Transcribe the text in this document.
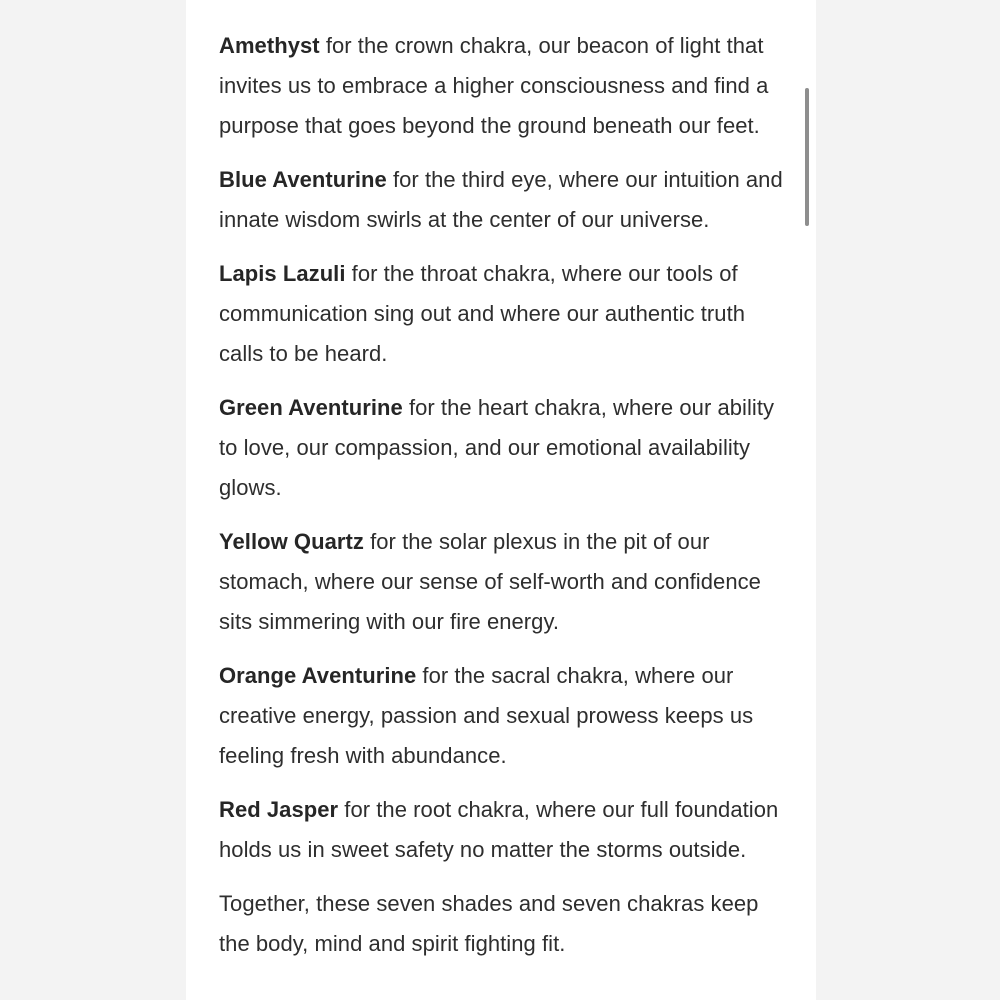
Amethyst for the crown chakra, our beacon of light that invites us to embrace a higher consciousness and find a purpose that goes beyond the ground beneath our feet.

Blue Aventurine for the third eye, where our intuition and innate wisdom swirls at the center of our universe.

Lapis Lazuli for the throat chakra, where our tools of communication sing out and where our authentic truth calls to be heard.

Green Aventurine for the heart chakra, where our ability to love, our compassion, and our emotional availability glows.

Yellow Quartz for the solar plexus in the pit of our stomach, where our sense of self-worth and confidence sits simmering with our fire energy.

Orange Aventurine for the sacral chakra, where our creative energy, passion and sexual prowess keeps us feeling fresh with abundance.

Red Jasper for the root chakra, where our full foundation holds us in sweet safety no matter the storms outside.

Together, these seven shades and seven chakras keep the body, mind and spirit fighting fit.
